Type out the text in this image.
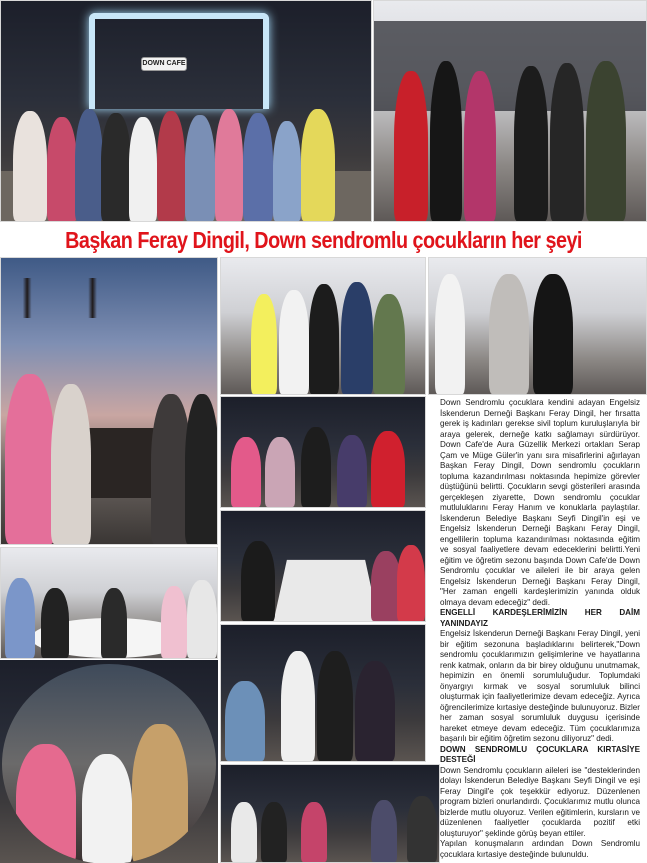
DOWN CAFE
Başkan Feray Dingil, Down sendromlu çocukların her şeyi

Down Sendromlu çocuklara kendini adayan Engelsiz İskenderun Derneği Başkanı Feray Dingil, her fırsatta gerek iş kadınları gerekse sivil toplum kuruluşlarıyla bir araya gelerek, derneğe katkı sağlamayı sürdürüyor. Down Cafe'de Aura Güzellik Merkezi ortakları Serap Çam ve Müge Güler'in yanı sıra misafirlerini ağırlayan Başkan Feray Dingil, Down sendromlu çocukların topluma kazandırılması noktasında hepimize görevler düştüğünü belirtti. Çocukların sevgi gösterileri arasında gerçekleşen ziyarette, Down sendromlu çocuklar mutluluklarını Feray Hanım ve konuklarla paylaştılar. İskenderun Belediye Başkanı Seyfi Dingil'in eşi ve Engelsiz İskenderun Derneği Başkanı Feray Dingil, engellilerin topluma kazandırılması noktasında eğitim ve sosyal faaliyetlere devam edeceklerini belirtti.Yeni eğitim ve öğretim sezonu başında Down Cafe'de Down Sendromlu çocuklar ve aileleri ile bir araya gelen Engelsiz İskenderun Derneği Başkanı Feray Dingil, "Her zaman engelli kardeşlerimizin yanında olduk olmaya devam edeceğiz" dedi.

ENGELLİ KARDEŞLERİMİZİN HER DAİM YANINDAYIZ

Engelsiz İskenderun Derneği Başkanı Feray Dingil, yeni bir eğitim sezonuna başladıklarını belirterek,"Down sendromlu çocuklarımızın gelişimlerine ve hayatlarına renk katmak, onların da bir birey olduğunu unutmamak, hepimizin en önemli sorumluluğudur. Toplumdaki önyargıyı kırmak ve sosyal sorumluluk bilinci oluşturmak için faaliyetlerimize devam edeceğiz. Ayrıca öğrencilerimize kırtasiye desteğinde bulunuyoruz. Bizler her zaman sosyal sorumluluk duygusu içerisinde hareket etmeye devam edeceğiz. Tüm çocuklarımıza başarılı bir eğitim öğretim sezonu diliyoruz" dedi.

DOWN SENDROMLU ÇOCUKLARA KIRTASİYE DESTEĞİ

Down Sendromlu çocukların aileleri ise "desteklerinden dolayı İskenderun Belediye Başkanı Seyfi Dingil ve eşi Feray Dingil'e çok teşekkür ediyoruz. Düzenlenen program bizleri onurlandırdı. Çocuklarımız mutlu olunca bizlerde mutlu oluyoruz. Verilen eğitimlerin, kursların ve düzenlenen faaliyetler çocuklarda pozitif etki oluşturuyor" şeklinde görüş beyan ettiler.

Yapılan konuşmaların ardından Down Sendromlu çocuklara kırtasiye desteğinde bulunuldu.
